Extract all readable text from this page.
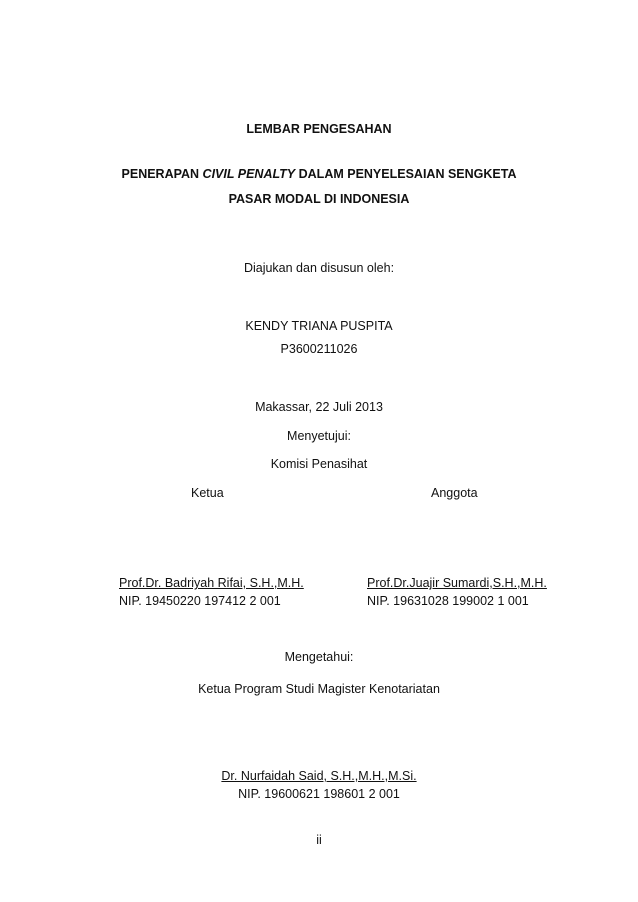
LEMBAR PENGESAHAN
PENERAPAN CIVIL PENALTY DALAM PENYELESAIAN SENGKETA
PASAR MODAL DI INDONESIA
Diajukan dan disusun oleh:
KENDY TRIANA PUSPITA
P3600211026
Makassar, 22 Juli 2013
Menyetujui:
Komisi Penasihat
Ketua	Anggota
Prof.Dr. Badriyah Rifai, S.H.,M.H.
NIP. 19450220 197412 2 001
Prof.Dr.Juajir Sumardi,S.H.,M.H.
NIP. 19631028 199002 1 001
Mengetahui:
Ketua Program Studi Magister Kenotariatan
Dr. Nurfaidah Said, S.H.,M.H.,M.Si.
NIP. 19600621 198601 2 001
ii
